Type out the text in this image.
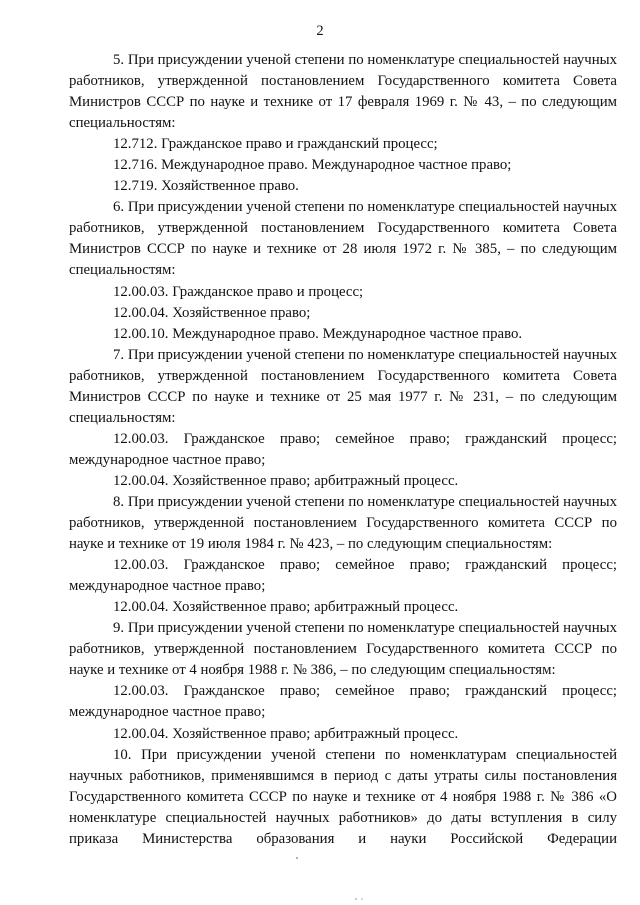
2

5. При присуждении ученой степени по номенклатуре специальностей научных работников, утвержденной постановлением Государственного комитета Совета Министров СССР по науке и технике от 17 февраля 1969 г. № 43, – по следующим специальностям:

12.712. Гражданское право и гражданский процесс;

12.716. Международное право. Международное частное право;

12.719. Хозяйственное право.

6. При присуждении ученой степени по номенклатуре специальностей научных работников, утвержденной постановлением Государственного комитета Совета Министров СССР по науке и технике от 28 июля 1972 г. № 385, – по следующим специальностям:

12.00.03. Гражданское право и процесс;

12.00.04. Хозяйственное право;

12.00.10. Международное право. Международное частное право.

7. При присуждении ученой степени по номенклатуре специальностей научных работников, утвержденной постановлением Государственного комитета Совета Министров СССР по науке и технике от 25 мая 1977 г. № 231, – по следующим специальностям:

12.00.03. Гражданское право; семейное право; гражданский процесс; международное частное право;

12.00.04. Хозяйственное право; арбитражный процесс.

8. При присуждении ученой степени по номенклатуре специальностей научных работников, утвержденной постановлением Государственного комитета СССР по науке и технике от 19 июля 1984 г. № 423, – по следующим специальностям:

12.00.03. Гражданское право; семейное право; гражданский процесс; международное частное право;

12.00.04. Хозяйственное право; арбитражный процесс.

9. При присуждении ученой степени по номенклатуре специальностей научных работников, утвержденной постановлением Государственного комитета СССР по науке и технике от 4 ноября 1988 г. № 386, – по следующим специальностям:

12.00.03. Гражданское право; семейное право; гражданский процесс; международное частное право;

12.00.04. Хозяйственное право; арбитражный процесс.

10. При присуждении ученой степени по номенклатурам специальностей научных работников, применявшимся в период с даты утраты силы постановления Государственного комитета СССР по науке и технике от 4 ноября 1988 г. № 386 «О номенклатуре специальностей научных работников» до даты вступления в силу приказа Министерства образования и науки Российской Федерации
